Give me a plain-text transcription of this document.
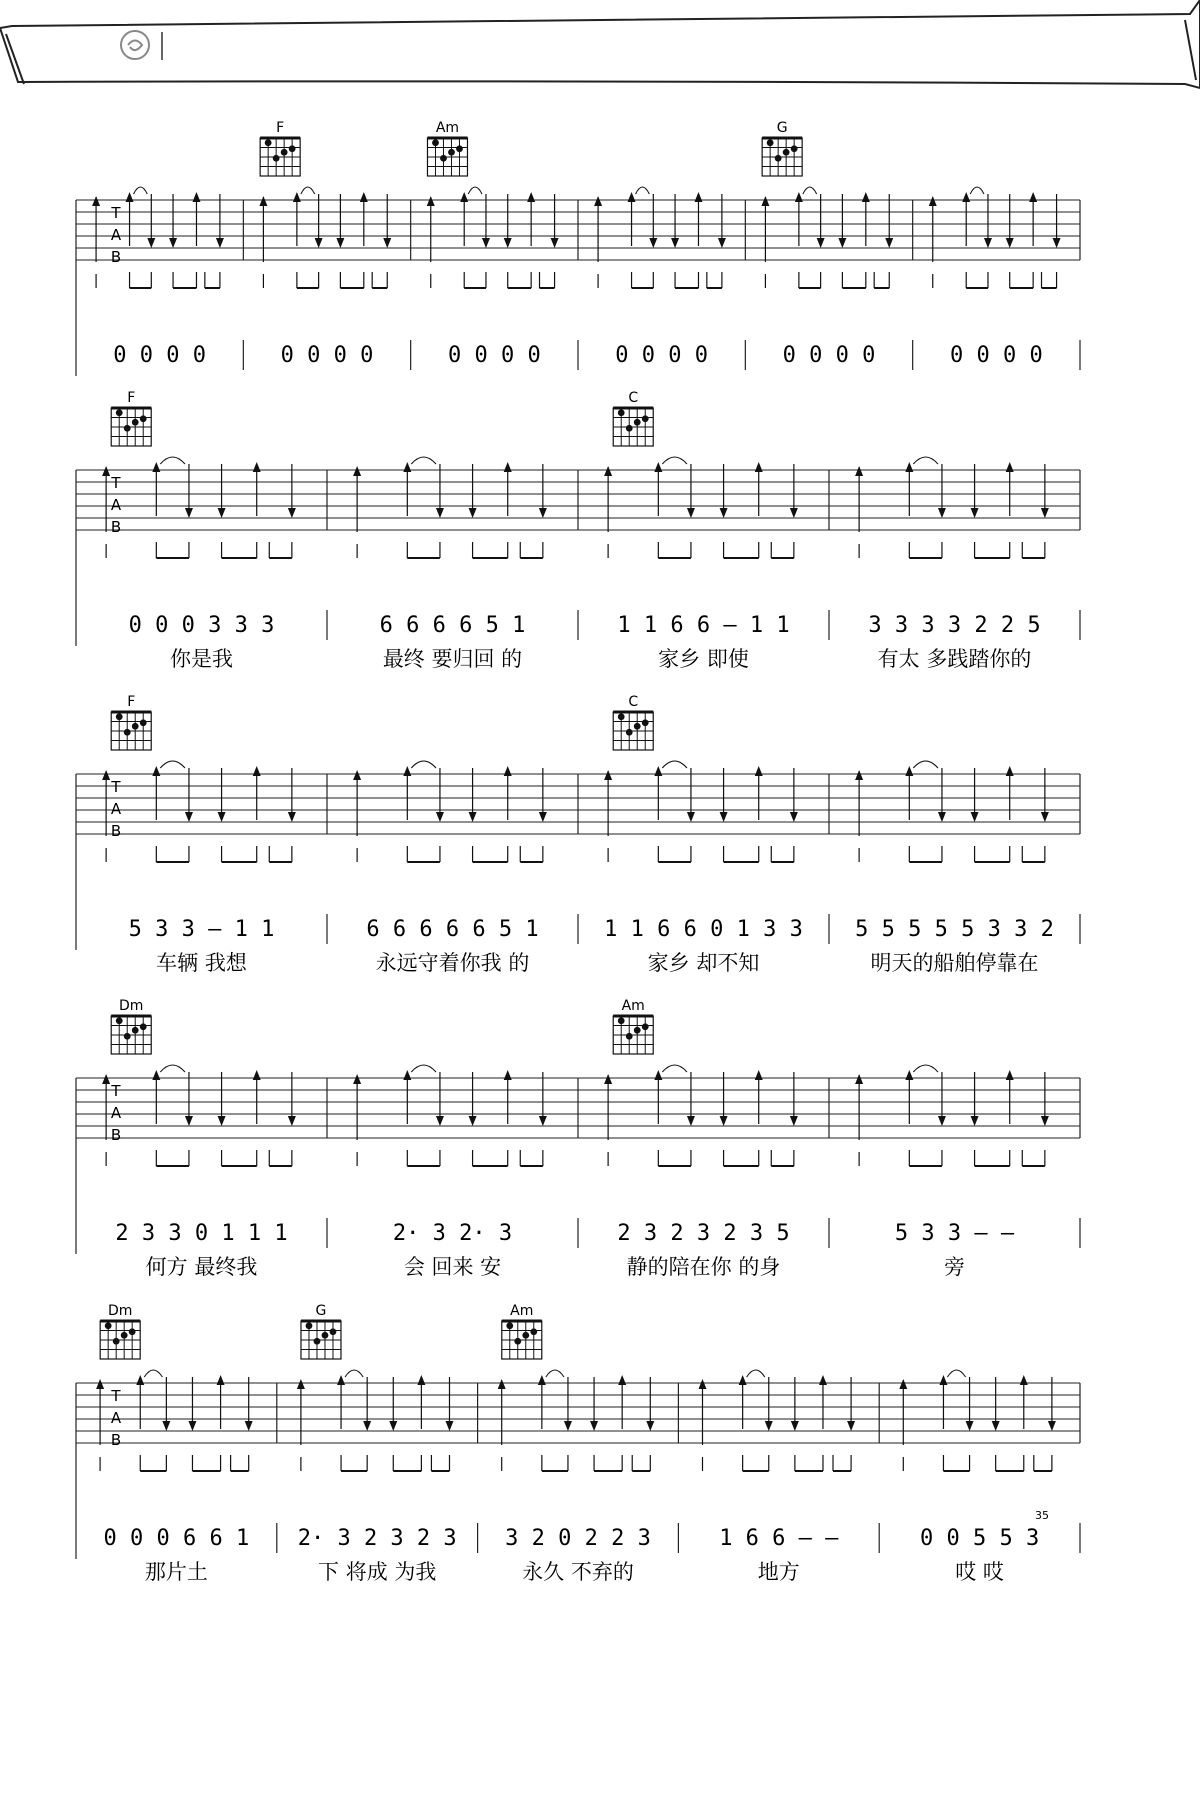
T
A
B
F	Am	G
0 0 0 0	0 0 0 0	0 0 0 0	0 0 0 0	0 0 0 0	0 0 0 0
T
A
B
F	C
0 0 0 3 3 3
你是我
6 6 6 6 5 1
最终 要归回 的
1 1 6 6 – 1 1
家乡 即使
3 3 3 3 2 2 5
有太 多践踏你的
T
A
B
F	C
5 3 3 – 1 1
车辆 我想
6 6 6 6 6 5 1
永远守着你我 的
1 1 6 6 0 1 3 3
家乡 却不知
5 5 5 5 5 3 3 2
明天的船舶停靠在
T
A
B
Dm	Am
2 3 3 0 1 1 1
何方 最终我
2· 3 2· 3
会 回来 安
2 3 2 3 2 3 5
静的陪在你 的身
5 3 3 – –
旁
T
A
B
Dm	G	Am
0 0 0 6 6 1
那片土
2· 3 2 3 2 3
下 将成 为我
3 2 0 2 2 3
永久 不弃的
1 6 6 – –
地方
0 0 5 5 3
哎 哎
35
